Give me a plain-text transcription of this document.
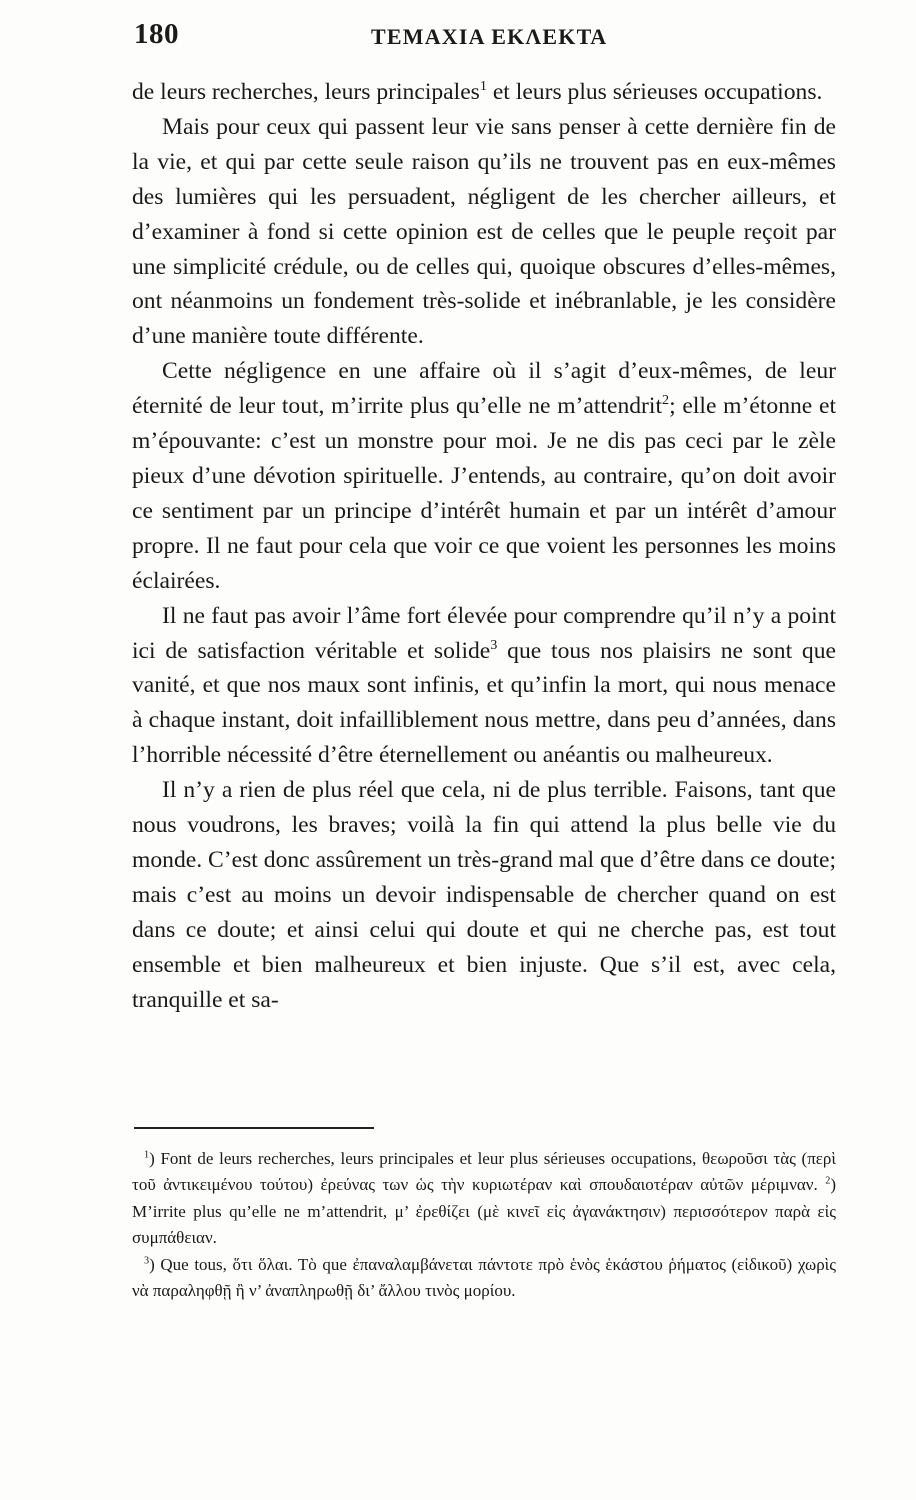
180	ΤΕΜΑΧΙΑ ΕΚΛΕΚΤΑ

de leurs recherches, leurs principales$^1$ et leurs plus sérieuses occupations.

Mais pour ceux qui passent leur vie sans penser à cette dernière fin de la vie, et qui par cette seule raison qu’ils ne trouvent pas en eux-mêmes des lumières qui les persuadent, négligent de les chercher ailleurs, et d’examiner à fond si cette opinion est de celles que le peuple reçoit par une simplicité crédule, ou de celles qui, quoique obscures d’elles-mêmes, ont néanmoins un fondement très-solide et inébranlable, je les considère d’une manière toute différente.

Cette négligence en une affaire où il s’agit d’eux-mêmes, de leur éternité de leur tout, m’irrite plus qu’elle ne m’attendrit$^2$; elle m’étonne et m’épouvante: c’est un monstre pour moi. Je ne dis pas ceci par le zèle pieux d’une dévotion spirituelle. J’entends, au contraire, qu’on doit avoir ce sentiment par un principe d’intérêt humain et par un intérêt d’amour propre. Il ne faut pour cela que voir ce que voient les personnes les moins éclairées.

Il ne faut pas avoir l’âme fort élevée pour comprendre qu’il n’y a point ici de satisfaction véritable et solide$^3$ que tous nos plaisirs ne sont que vanité, et que nos maux sont infinis, et qu’infin la mort, qui nous menace à chaque instant, doit infailliblement nous mettre, dans peu d’années, dans l’horrible nécessité d’être éternellement ou anéantis ou malheureux.

Il n’y a rien de plus réel que cela, ni de plus terrible. Faisons, tant que nous voudrons, les braves; voilà la fin qui attend la plus belle vie du monde. C’est donc assûrement un très-grand mal que d’être dans ce doute; mais c’est au moins un devoir indispensable de chercher quand on est dans ce doute; et ainsi celui qui doute et qui ne cherche pas, est tout ensemble et bien malheureux et bien injuste. Que s’il est, avec cela, tranquille et sa-

$^1$) Font de leurs recherches, leurs principales et leur plus sérieuses occupations, θεωροῦσι τὰς (περὶ τοῦ ἀντικειμένου τούτου) ἐρεύνας των ὡς τὴν κυριωτέραν καὶ σπουδαιοτέραν αὐτῶν μέριμναν. $^2$) M’irrite plus qu’elle ne m’attendrit, μ’ ἐρεθίζει (μὲ κινεῖ εἰς ἀγανάκτησιν) περισσότερον παρὰ εἰς συμπάθειαν.

$^3$) Que tous, ὅτι ὅλαι. Τὸ que ἐπαναλαμβάνεται πάντοτε πρὸ ἑνὸς ἑκάστου ῥήματος (εἰδικοῦ) χωρὶς νὰ παραληφθῇ ἢ ν’ ἀναπληρωθῇ δι’ ἄλλου τινὸς μορίου.
